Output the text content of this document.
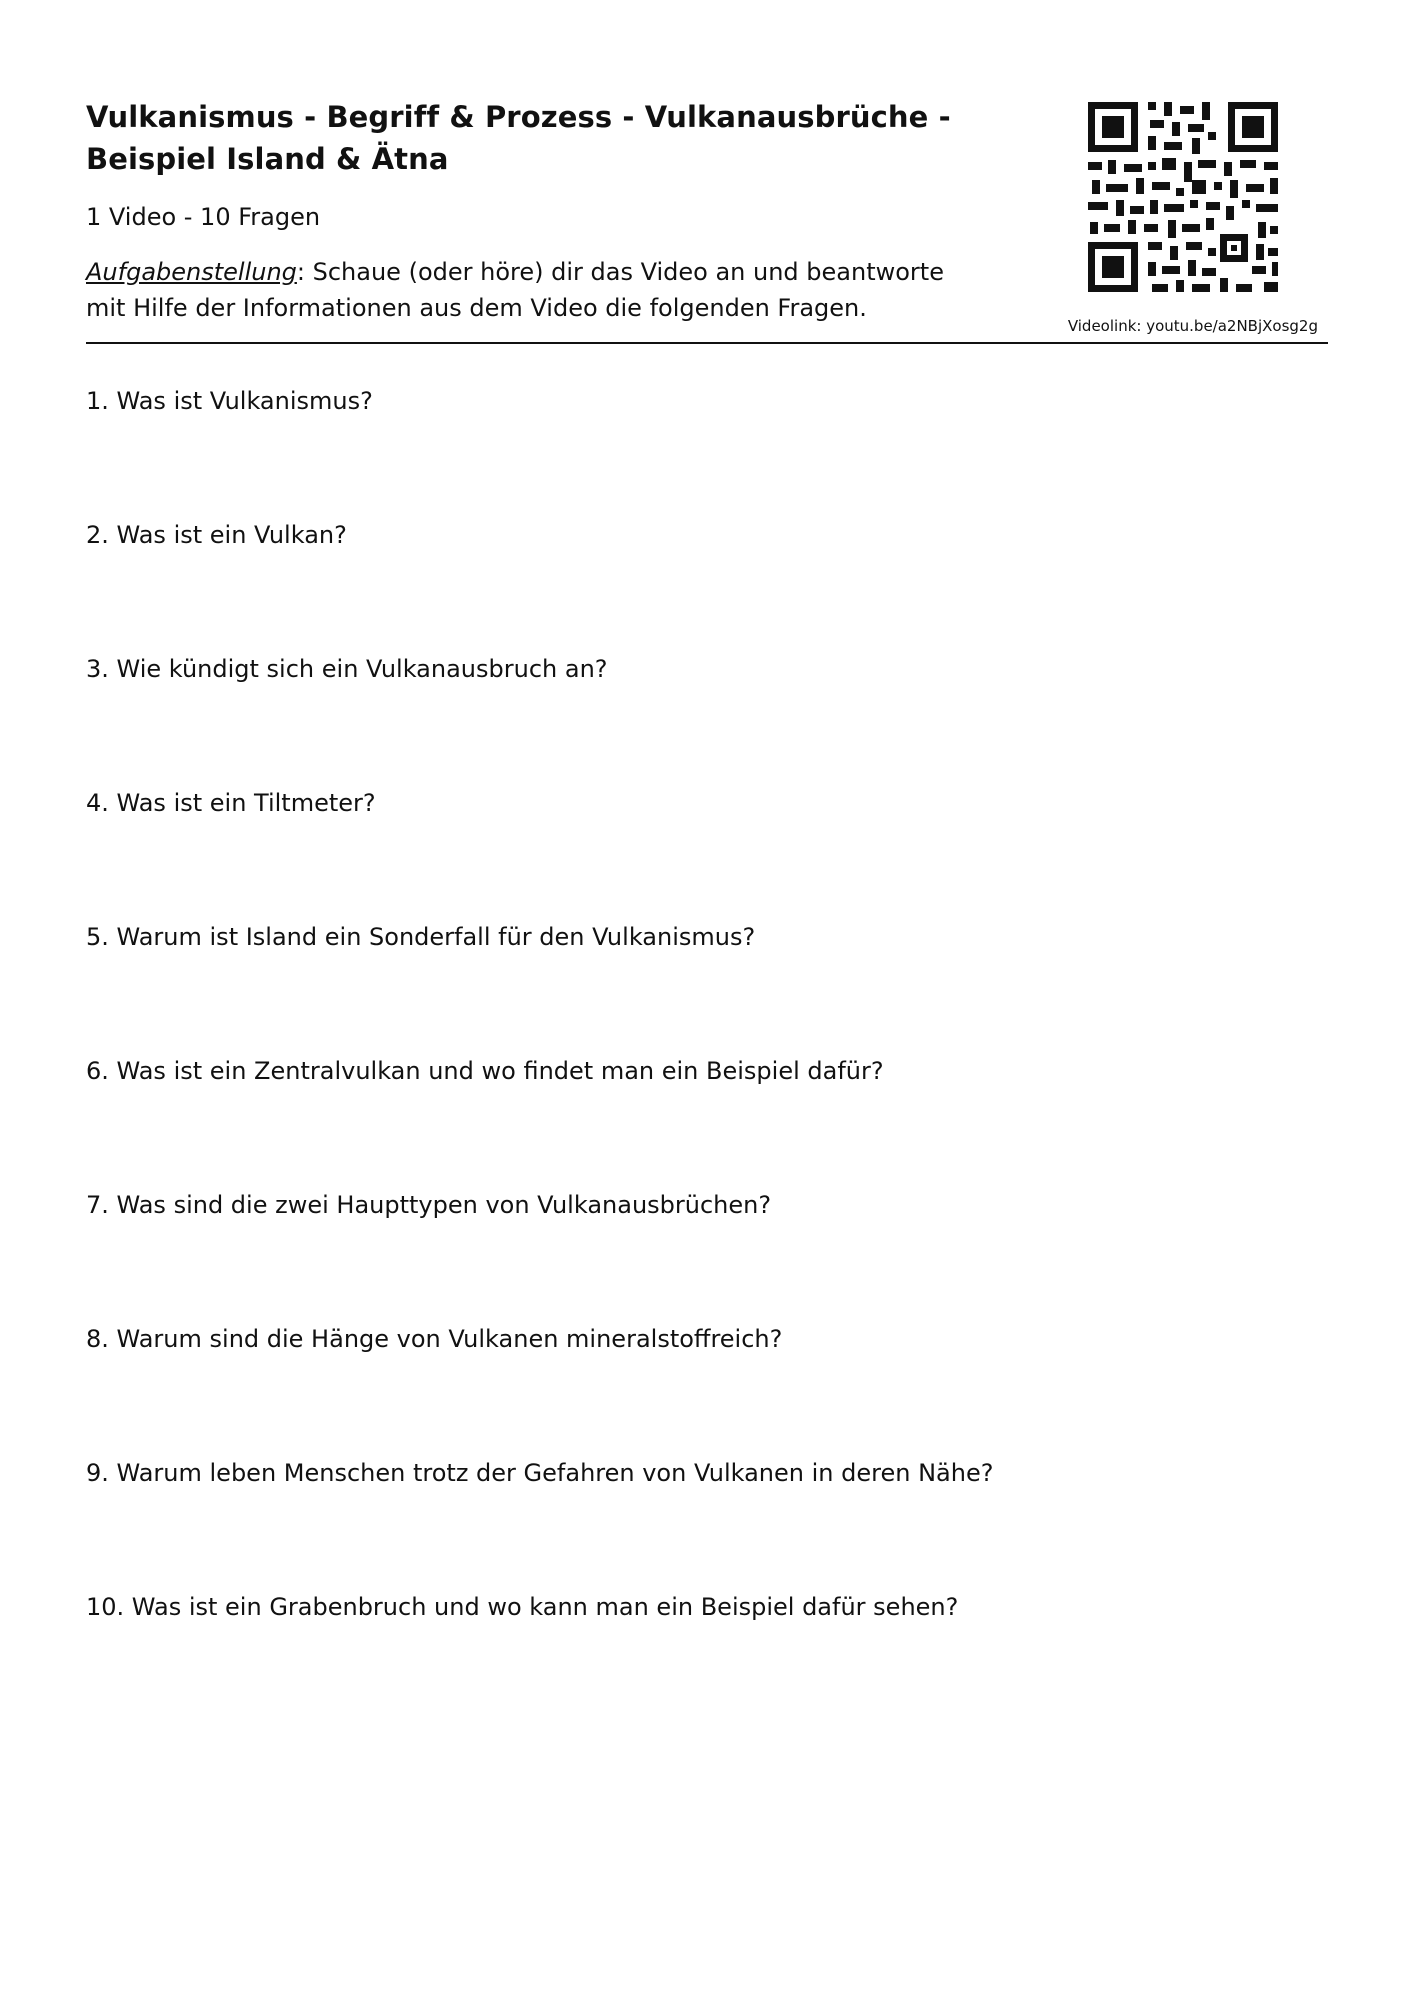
Vulkanismus - Begriff & Prozess - Vulkanausbrüche -
Beispiel Island & Ätna
1 Video - 10 Fragen
Aufgabenstellung: Schaue (oder höre) dir das Video an und beantworte
mit Hilfe der Informationen aus dem Video die folgenden Fragen.
Videolink: youtu.be/a2NBjXosg2g
1. Was ist Vulkanismus?
2. Was ist ein Vulkan?
3. Wie kündigt sich ein Vulkanausbruch an?
4. Was ist ein Tiltmeter?
5. Warum ist Island ein Sonderfall für den Vulkanismus?
6. Was ist ein Zentralvulkan und wo findet man ein Beispiel dafür?
7. Was sind die zwei Haupttypen von Vulkanausbrüchen?
8. Warum sind die Hänge von Vulkanen mineralstoffreich?
9. Warum leben Menschen trotz der Gefahren von Vulkanen in deren Nähe?
10. Was ist ein Grabenbruch und wo kann man ein Beispiel dafür sehen?
